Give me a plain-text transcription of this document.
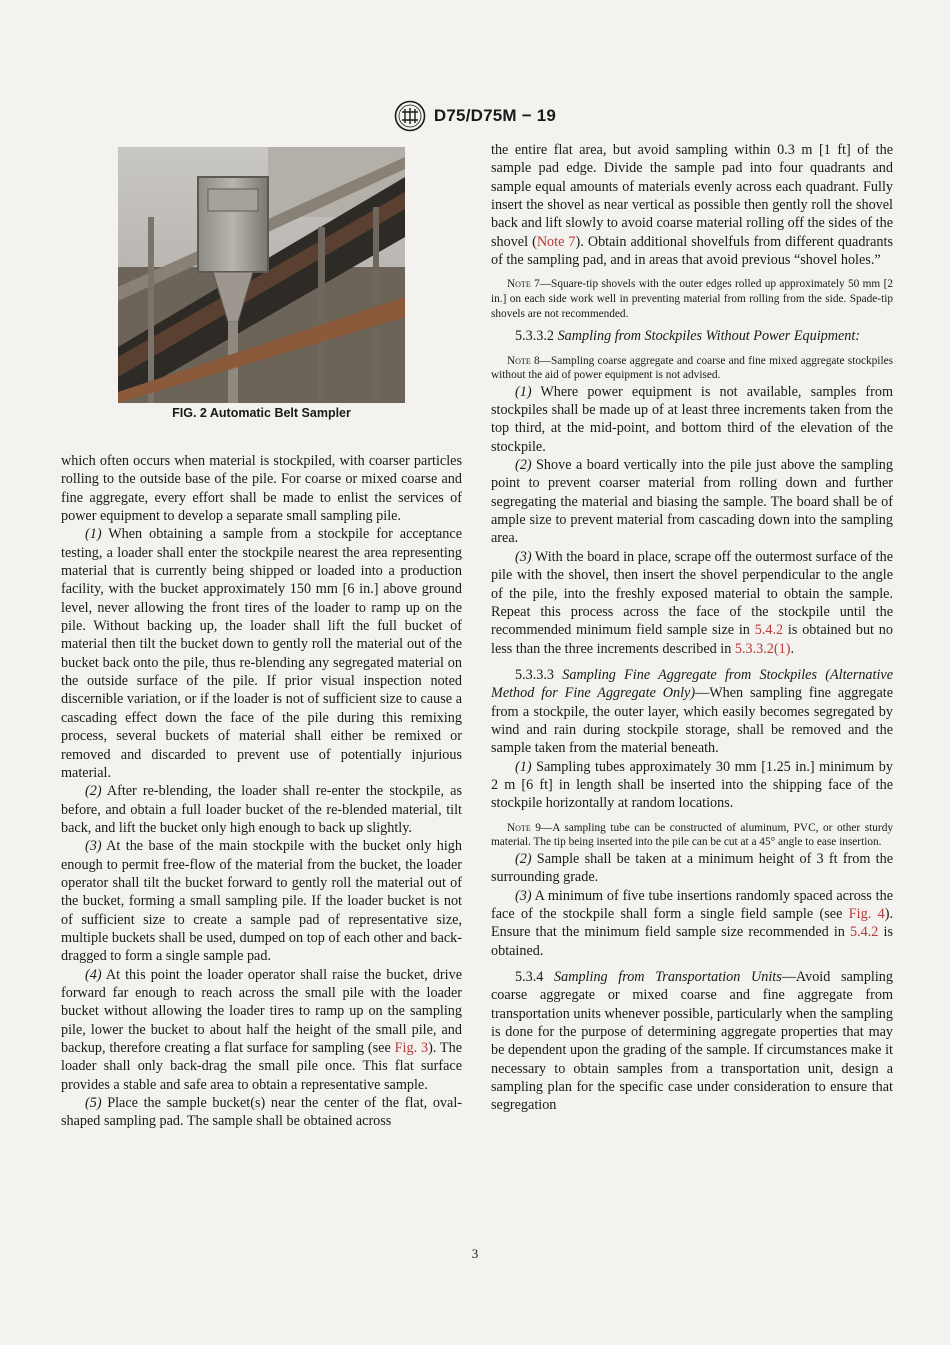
D75/D75M − 19
FIG. 2 Automatic Belt Sampler

which often occurs when material is stockpiled, with coarser particles rolling to the outside base of the pile. For coarse or mixed coarse and fine aggregate, every effort shall be made to enlist the services of power equipment to develop a separate small sampling pile.

(1) When obtaining a sample from a stockpile for acceptance testing, a loader shall enter the stockpile nearest the area representing material that is currently being shipped or loaded into a production facility, with the bucket approximately 150 mm [6 in.] above ground level, never allowing the front tires of the loader to ramp up on the pile. Without backing up, the loader shall lift the full bucket of material then tilt the bucket down to gently roll the material out of the bucket back onto the pile, thus re-blending any segregated material on the outside surface of the pile. If prior visual inspection noted discernible variation, or if the loader is not of sufficient size to cause a cascading effect down the face of the pile during this remixing process, several buckets of material shall either be remixed or removed and discarded to prevent use of potentially injurious material.

(2) After re-blending, the loader shall re-enter the stockpile, as before, and obtain a full loader bucket of the re-blended material, tilt back, and lift the bucket only high enough to back up slightly.

(3) At the base of the main stockpile with the bucket only high enough to permit free-flow of the material from the bucket, the loader operator shall tilt the bucket forward to gently roll the material out of the bucket, forming a small sampling pile. If the loader bucket is not of sufficient size to create a sample pad of representative size, multiple buckets shall be used, dumped on top of each other and back-dragged to form a single sample pad.

(4) At this point the loader operator shall raise the bucket, drive forward far enough to reach across the small pile with the loader bucket without allowing the loader tires to ramp up on the sampling pile, lower the bucket to about half the height of the small pile, and backup, therefore creating a flat surface for sampling (see Fig. 3). The loader shall only back-drag the small pile once. This flat surface provides a stable and safe area to obtain a representative sample.

(5) Place the sample bucket(s) near the center of the flat, oval-shaped sampling pad. The sample shall be obtained across

the entire flat area, but avoid sampling within 0.3 m [1 ft] of the sample pad edge. Divide the sample pad into four quadrants and sample equal amounts of materials evenly across each quadrant. Fully insert the shovel as near vertical as possible then gently roll the shovel back and lift slowly to avoid coarse material rolling off the sides of the shovel (Note 7). Obtain additional shovelfuls from different quadrants of the sampling pad, and in areas that avoid previous “shovel holes.”

Note 7—Square-tip shovels with the outer edges rolled up approximately 50 mm [2 in.] on each side work well in preventing material from rolling from the side. Spade-tip shovels are not recommended.

5.3.3.2 Sampling from Stockpiles Without Power Equipment:

Note 8—Sampling coarse aggregate and coarse and fine mixed aggregate stockpiles without the aid of power equipment is not advised.

(1) Where power equipment is not available, samples from stockpiles shall be made up of at least three increments taken from the top third, at the mid-point, and bottom third of the elevation of the stockpile.

(2) Shove a board vertically into the pile just above the sampling point to prevent coarser material from rolling down and further segregating the material and biasing the sample. The board shall be of ample size to prevent material from cascading down into the sampling area.

(3) With the board in place, scrape off the outermost surface of the pile with the shovel, then insert the shovel perpendicular to the angle of the pile, into the freshly exposed material to obtain the sample. Repeat this process across the face of the stockpile until the recommended minimum field sample size in 5.4.2 is obtained but no less than the three increments described in 5.3.3.2(1).

5.3.3.3 Sampling Fine Aggregate from Stockpiles (Alternative Method for Fine Aggregate Only)—When sampling fine aggregate from a stockpile, the outer layer, which easily becomes segregated by wind and rain during stockpile storage, shall be removed and the sample taken from the material beneath.

(1) Sampling tubes approximately 30 mm [1.25 in.] minimum by 2 m [6 ft] in length shall be inserted into the shipping face of the stockpile horizontally at random locations.

Note 9—A sampling tube can be constructed of aluminum, PVC, or other sturdy material. The tip being inserted into the pile can be cut at a 45° angle to ease insertion.

(2) Sample shall be taken at a minimum height of 3 ft from the surrounding grade.

(3) A minimum of five tube insertions randomly spaced across the face of the stockpile shall form a single field sample (see Fig. 4). Ensure that the minimum field sample size recommended in 5.4.2 is obtained.

5.3.4 Sampling from Transportation Units—Avoid sampling coarse aggregate or mixed coarse and fine aggregate from transportation units whenever possible, particularly when the sampling is done for the purpose of determining aggregate properties that may be dependent upon the grading of the sample. If circumstances make it necessary to obtain samples from a transportation unit, design a sampling plan for the specific case under consideration to ensure that segregation

3
